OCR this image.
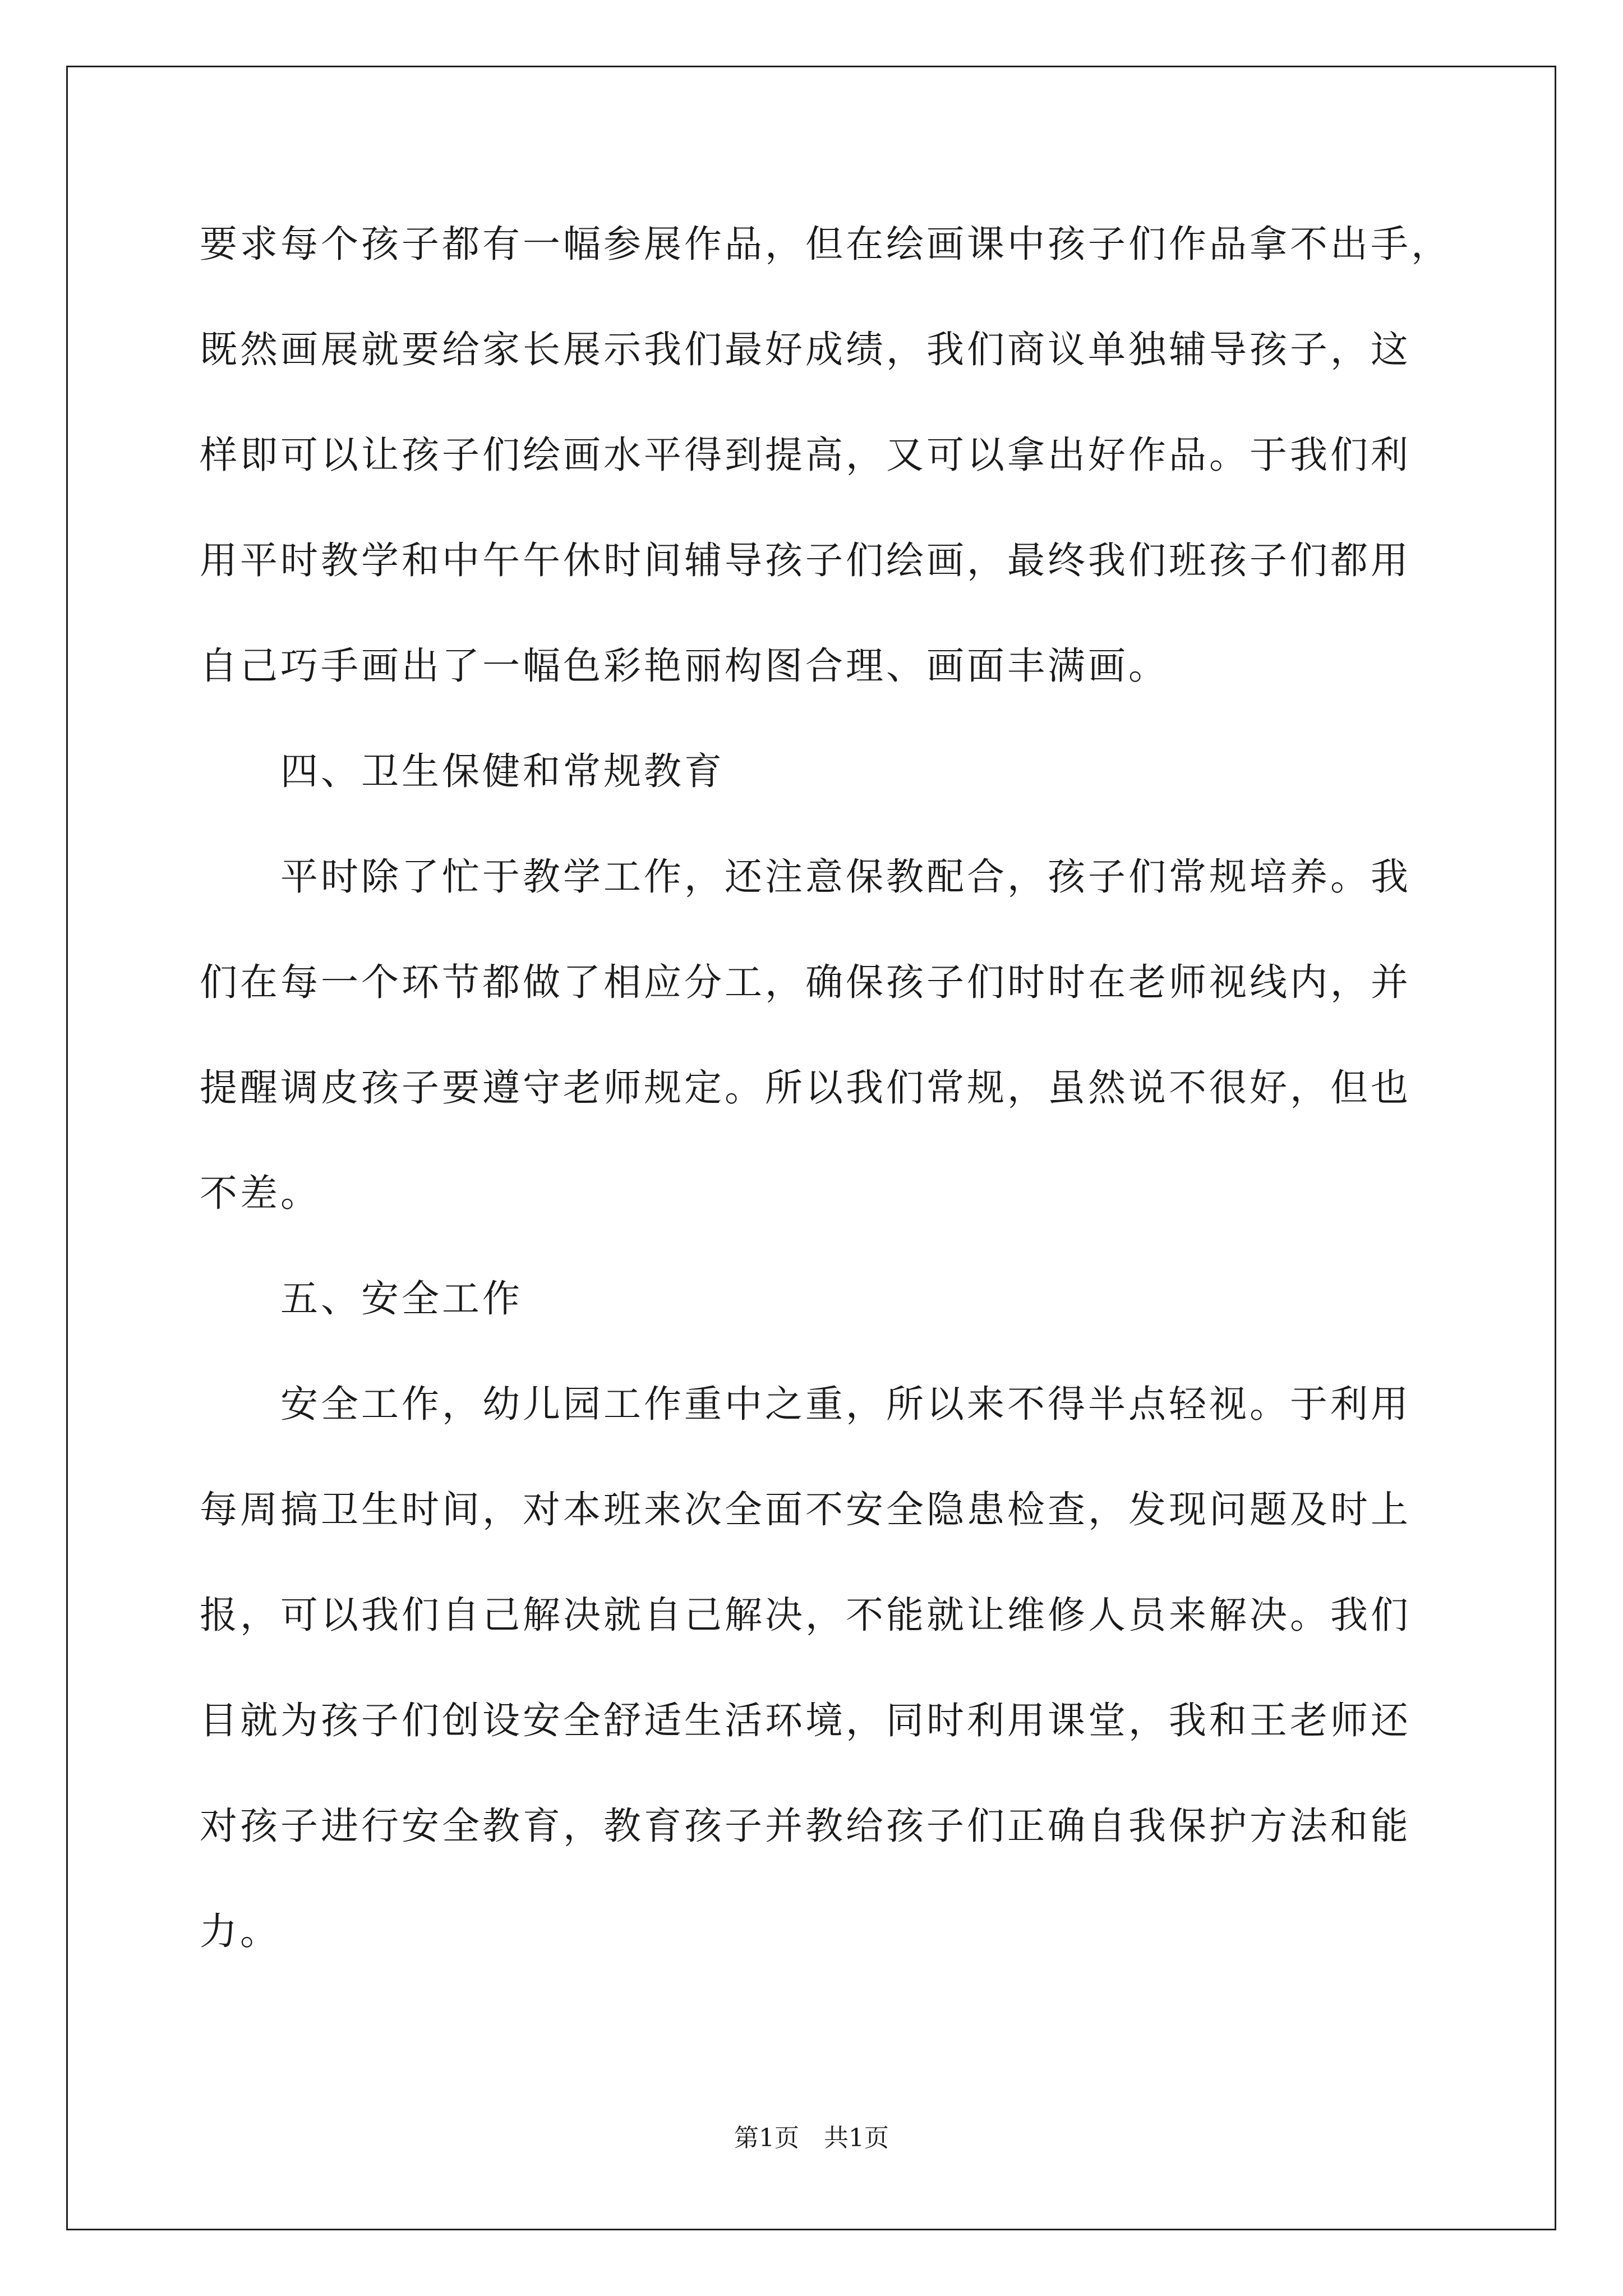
要求每个孩子都有一幅参展作品，但在绘画课中孩子们作品拿不出手，
既然画展就要给家长展示我们最好成绩，我们商议单独辅导孩子，这
样即可以让孩子们绘画水平得到提高，又可以拿出好作品。于我们利
用平时教学和中午午休时间辅导孩子们绘画，最终我们班孩子们都用
自己巧手画出了一幅色彩艳丽构图合理、画面丰满画。
四、卫生保健和常规教育
平时除了忙于教学工作，还注意保教配合，孩子们常规培养。我
们在每一个环节都做了相应分工，确保孩子们时时在老师视线内，并
提醒调皮孩子要遵守老师规定。所以我们常规，虽然说不很好，但也
不差。
五、安全工作
安全工作，幼儿园工作重中之重，所以来不得半点轻视。于利用
每周搞卫生时间，对本班来次全面不安全隐患检查，发现问题及时上
报，可以我们自己解决就自己解决，不能就让维修人员来解决。我们
目就为孩子们创设安全舒适生活环境，同时利用课堂，我和王老师还
对孩子进行安全教育，教育孩子并教给孩子们正确自我保护方法和能
力。
第1页 共1页
